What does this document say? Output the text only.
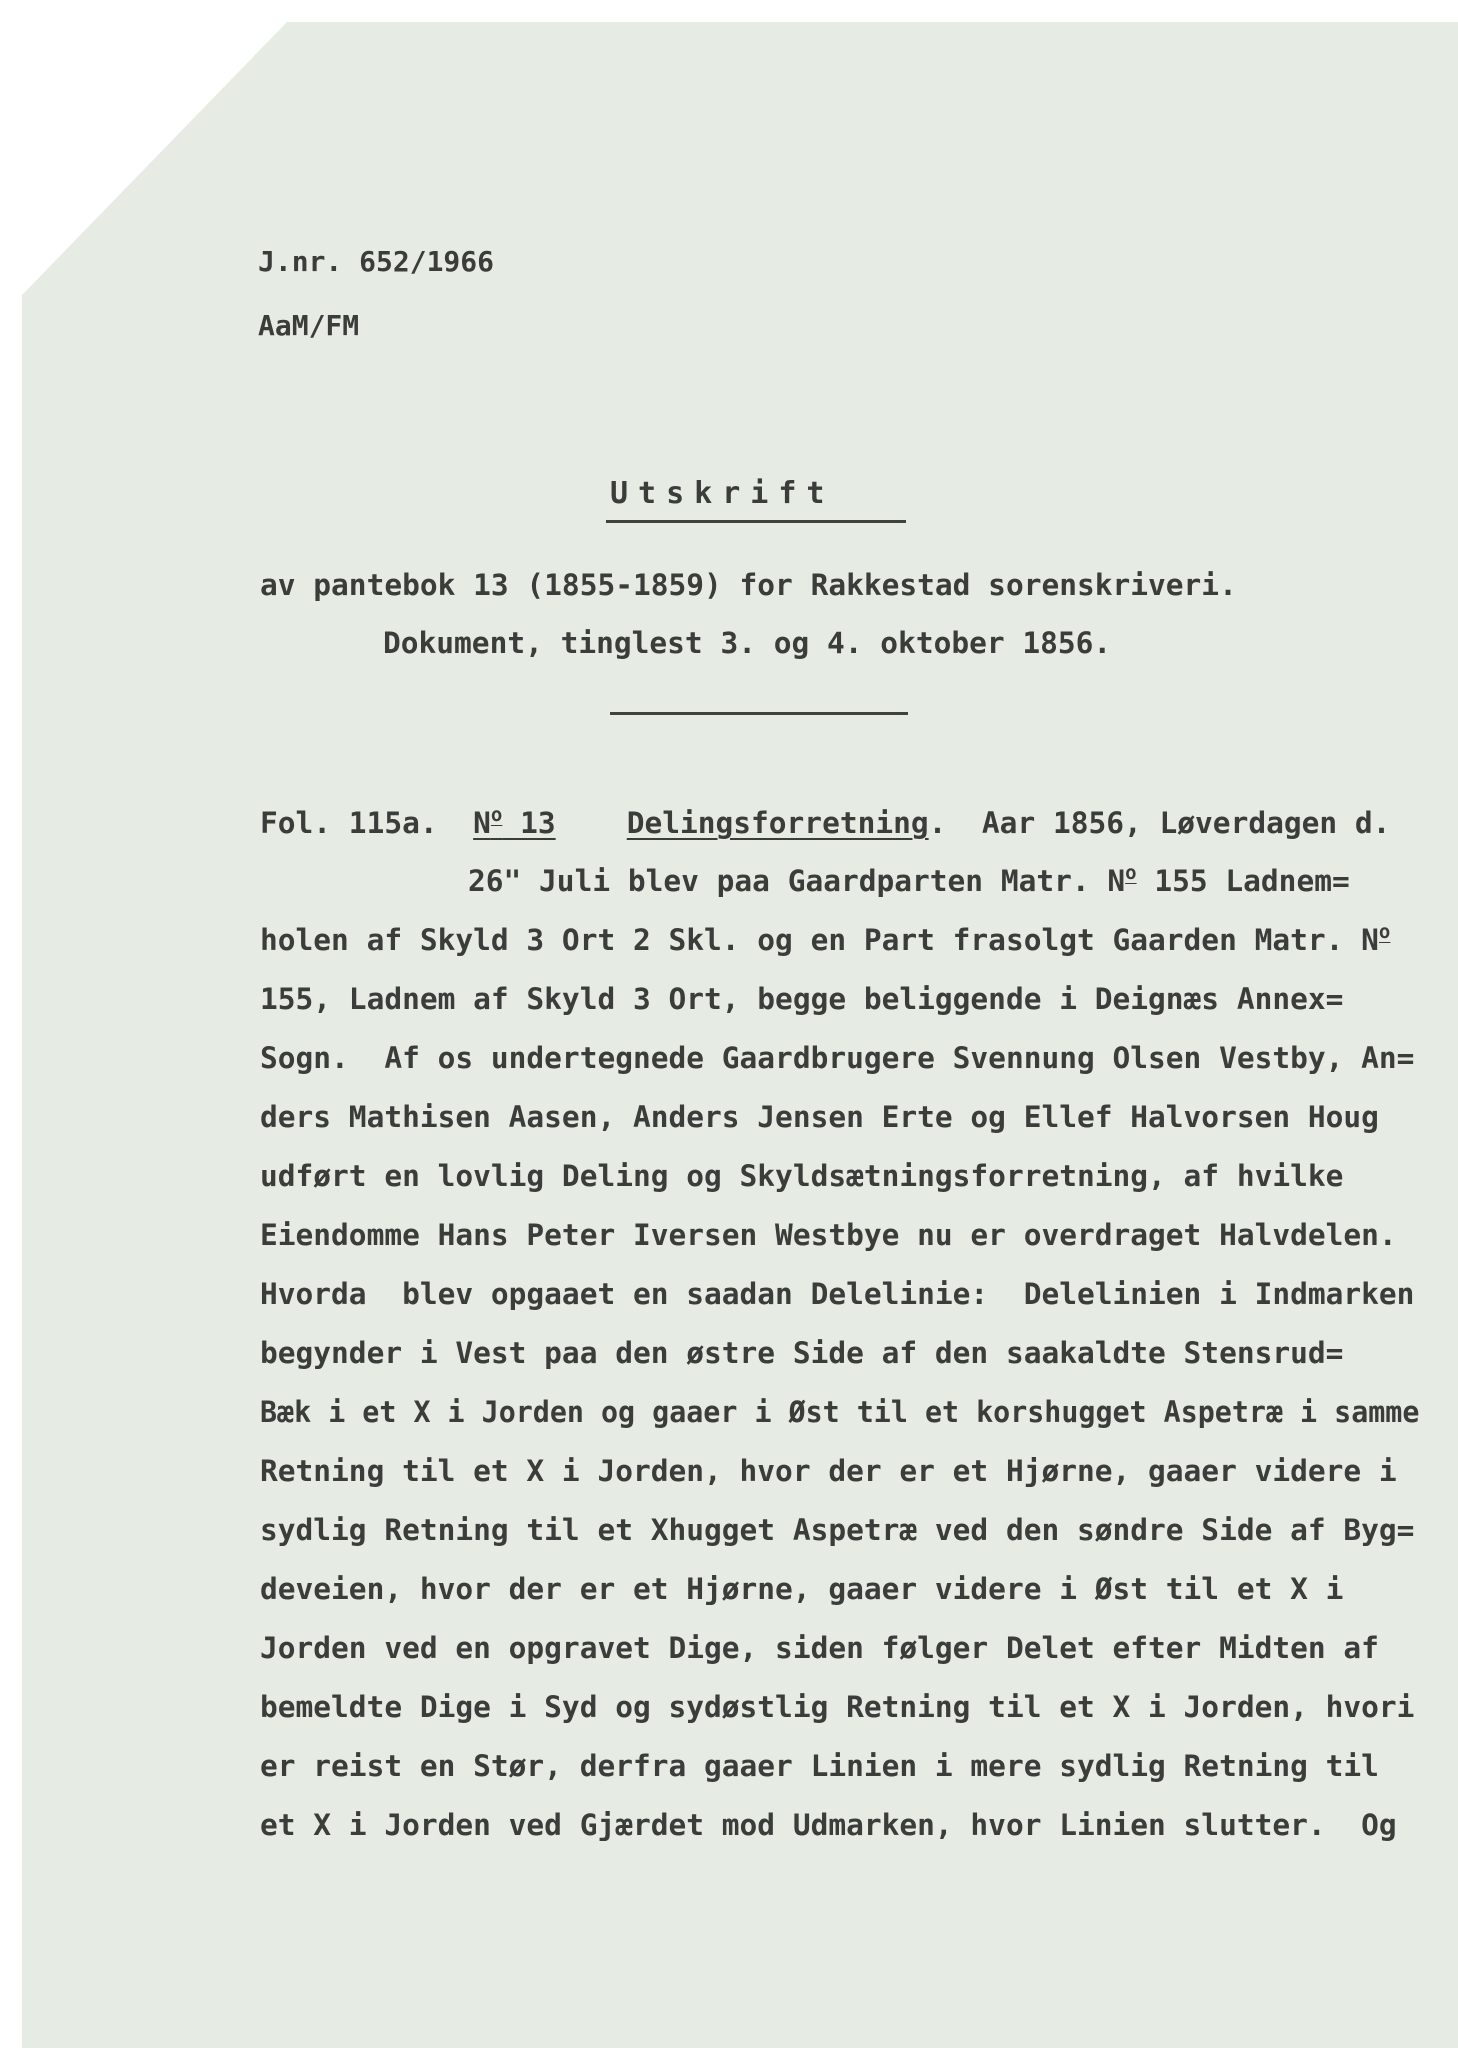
J.nr. 652/1966

AaM/FM

Utskrift

av pantebok 13 (1855-1859) for Rakkestad sorenskriveri.

Dokument, tinglest 3. og 4. oktober 1856.

Fol. 115a. $N^o$ 13 Delingsforretning.  Aar 1856, Løverdagen d.

26" Juli blev paa Gaardparten Matr. $N^o$ 155 Ladnem=

holen af Skyld 3 Ort 2 Skl. og en Part frasolgt Gaarden Matr. $N^o$

155, Ladnem af Skyld 3 Ort, begge beliggende i Deignæs Annex=

Sogn.  Af os undertegnede Gaardbrugere Svennung Olsen Vestby, An=

ders Mathisen Aasen, Anders Jensen Erte og Ellef Halvorsen Houg

udført en lovlig Deling og Skyldsætningsforretning, af hvilke

Eiendomme Hans Peter Iversen Westbye nu er overdraget Halvdelen.

Hvorda  blev opgaaet en saadan Delelinie:  Delelinien i Indmarken

begynder i Vest paa den østre Side af den saakaldte Stensrud=

Bæk i et X i Jorden og gaaer i Øst til et korshugget Aspetræ i samme

Retning til et X i Jorden, hvor der er et Hjørne, gaaer videre i

sydlig Retning til et Xhugget Aspetræ ved den søndre Side af Byg=

deveien, hvor der er et Hjørne, gaaer videre i Øst til et X i

Jorden ved en opgravet Dige, siden følger Delet efter Midten af

bemeldte Dige i Syd og sydøstlig Retning til et X i Jorden, hvori

er reist en Stør, derfra gaaer Linien i mere sydlig Retning til

et X i Jorden ved Gjærdet mod Udmarken, hvor Linien slutter.  Og
